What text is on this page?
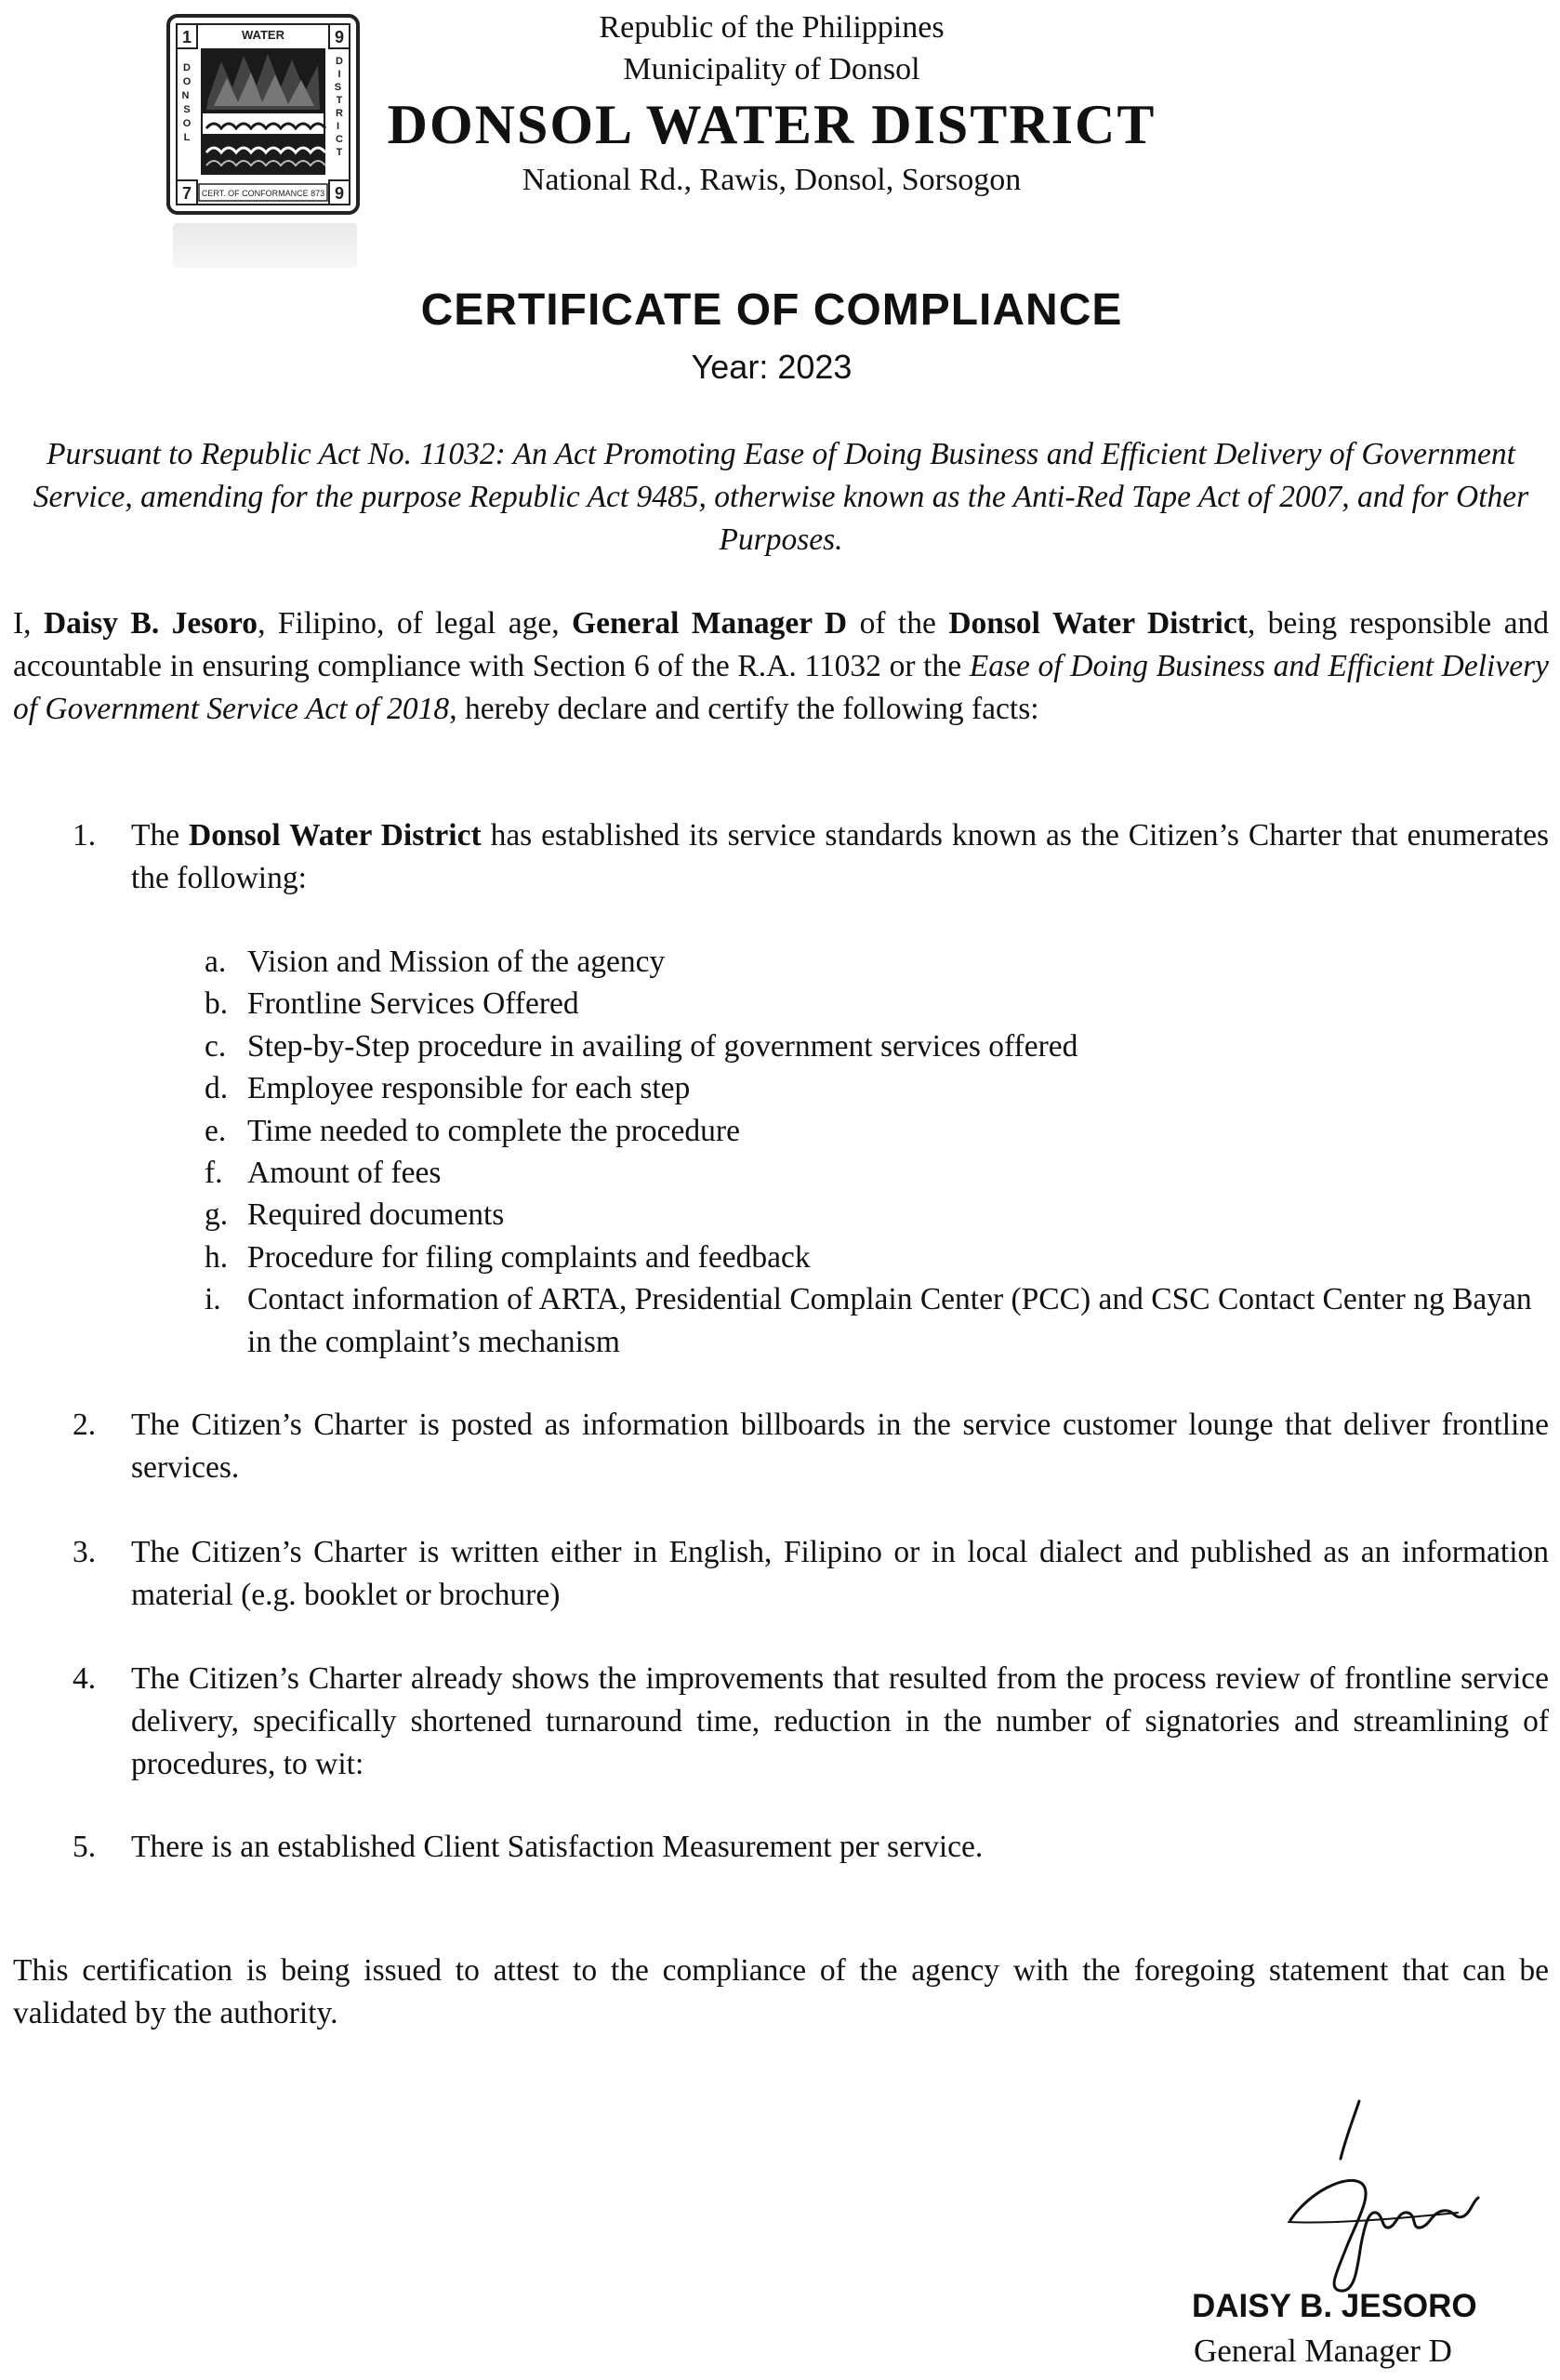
1	9
7	9
WATER
D O N S O L
D I S T R I C T
CERT. OF CONFORMANCE 873
Republic of the Philippines
Municipality of Donsol
DONSOL WATER DISTRICT
National Rd., Rawis, Donsol, Sorsogon
CERTIFICATE OF COMPLIANCE
Year: 2023

Pursuant to Republic Act No. 11032: An Act Promoting Ease of Doing Business and Efficient Delivery of Government Service, amending for the purpose Republic Act 9485, otherwise known as the Anti-Red Tape Act of 2007, and for Other Purposes.

I, Daisy B. Jesoro, Filipino, of legal age, General Manager D of the Donsol Water District, being responsible and accountable in ensuring compliance with Section 6 of the R.A. 11032 or the Ease of Doing Business and Efficient Delivery of Government Service Act of 2018, hereby declare and certify the following facts:

1.	The Donsol Water District has established its service standards known as the Citizen’s Charter that enumerates the following:
a. Vision and Mission of the agency
b. Frontline Services Offered
c. Step-by-Step procedure in availing of government services offered
d. Employee responsible for each step
e. Time needed to complete the procedure
f. Amount of fees
g. Required documents
h. Procedure for filing complaints and feedback
i. Contact information of ARTA, Presidential Complain Center (PCC) and CSC Contact Center ng Bayan in the complaint’s mechanism
2.	The Citizen’s Charter is posted as information billboards in the service customer lounge that deliver frontline services.
3.	The Citizen’s Charter is written either in English, Filipino or in local dialect and published as an information material (e.g. booklet or brochure)
4.	The Citizen’s Charter already shows the improvements that resulted from the process review of frontline service delivery, specifically shortened turnaround time, reduction in the number of signatories and streamlining of procedures, to wit:
5.	There is an established Client Satisfaction Measurement per service.

This certification is being issued to attest to the compliance of the agency with the foregoing statement that can be validated by the authority.

DAISY B. JESORO
General Manager D
